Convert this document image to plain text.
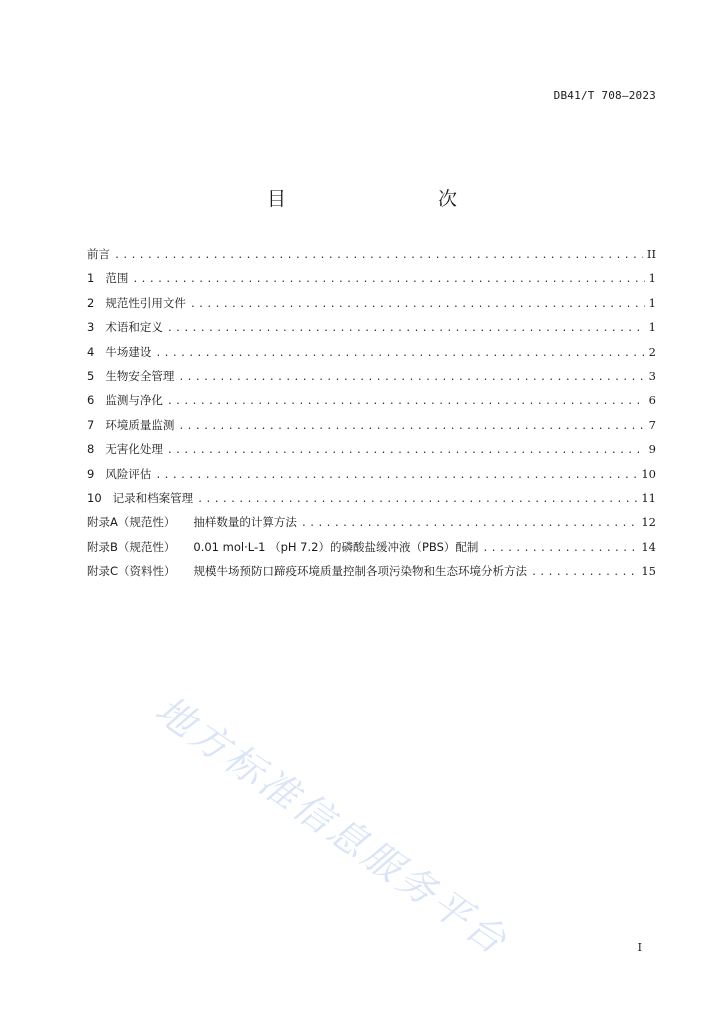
DB41/T 708—2023
目　　次
前言 .....	II
1 范围 .....	1
2 规范性引用文件 .....	1
3 术语和定义 .....	1
4 牛场建设 .....	2
5 生物安全管理 .....	3
6 监测与净化 .....	6
7 环境质量监测 .....	7
8 无害化处理 .....	9
9 风险评估 .....	10
10 记录和档案管理 .....	11
附录A（规范性） 抽样数量的计算方法 .....	12
附录B（规范性） 0.01 mol·L-1 （pH 7.2）的磷酸盐缓冲液（PBS）配制 .....	14
附录C（资料性） 规模牛场预防口蹄疫环境质量控制各项污染物和生态环境分析方法 .....	15
地方标准信息服务平台	I
